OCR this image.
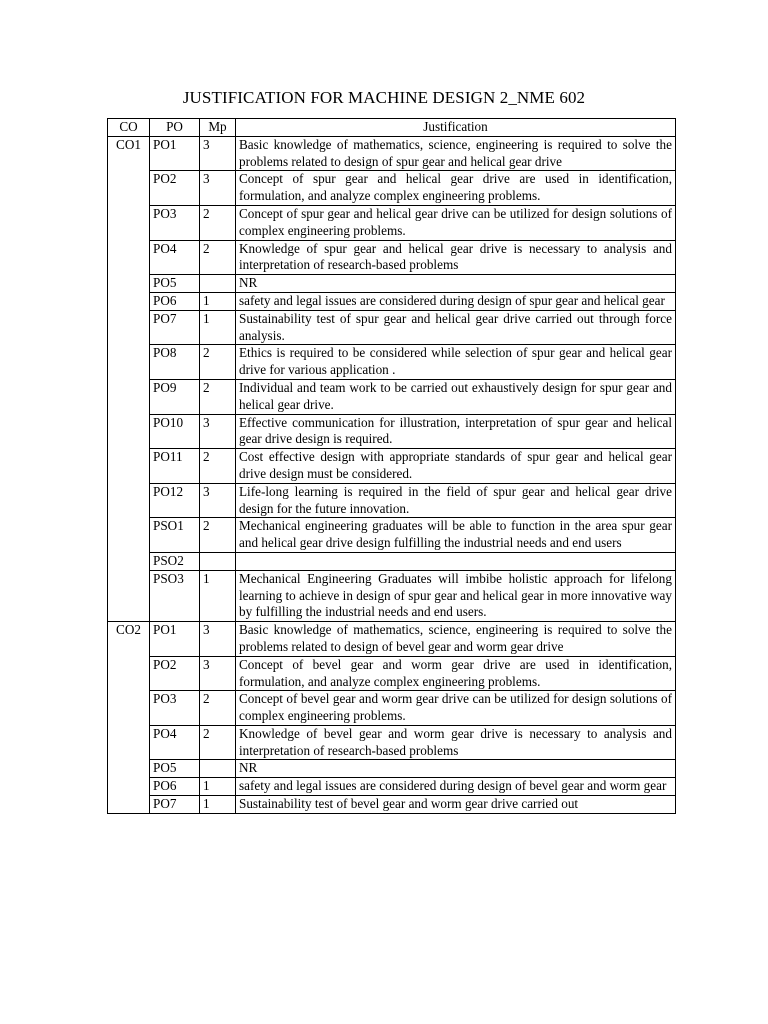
JUSTIFICATION FOR MACHINE DESIGN 2_NME 602
CO	PO	Mp	Justification
CO1	PO1	3	Basic knowledge of mathematics, science, engineering is required to solve the problems related to design of spur gear and helical gear drive
	PO2	3	Concept of spur gear and helical gear drive are used in identification, formulation, and analyze complex engineering problems.
	PO3	2	Concept of spur gear and helical gear drive can be utilized for design solutions of complex engineering problems.
	PO4	2	Knowledge of spur gear and helical gear drive is necessary to analysis and interpretation of research-based problems
	PO5		NR
	PO6	1	safety and legal issues are considered during design of spur gear and helical gear
	PO7	1	Sustainability test of spur gear and helical gear drive carried out through force analysis.
	PO8	2	Ethics is required to be considered while selection of spur gear and helical gear drive for various application .
	PO9	2	Individual and team work to be carried out exhaustively design for spur gear and helical gear drive.
	PO10	3	Effective communication for illustration, interpretation of spur gear and helical gear drive design is required.
	PO11	2	Cost effective design with appropriate standards of spur gear and helical gear drive design must be considered.
	PO12	3	Life-long learning is required in the field of spur gear and helical gear drive design for the future innovation.
	PSO1	2	Mechanical engineering graduates will be able to function in the area spur gear and helical gear drive design fulfilling the industrial needs and end users
	PSO2		
	PSO3	1	Mechanical Engineering Graduates will imbibe holistic approach for lifelong learning to achieve in design of spur gear and helical gear in more innovative way by fulfilling the industrial needs and end users.
CO2	PO1	3	Basic knowledge of mathematics, science, engineering is required to solve the problems related to design of bevel gear and worm gear drive
	PO2	3	Concept of bevel gear and worm gear drive are used in identification, formulation, and analyze complex engineering problems.
	PO3	2	Concept of bevel gear and worm gear drive can be utilized for design solutions of complex engineering problems.
	PO4	2	Knowledge of bevel gear and worm gear drive is necessary to analysis and interpretation of research-based problems
	PO5		NR
	PO6	1	safety and legal issues are considered during design of bevel gear and worm gear
	PO7	1	Sustainability test of bevel gear and worm gear drive carried out
